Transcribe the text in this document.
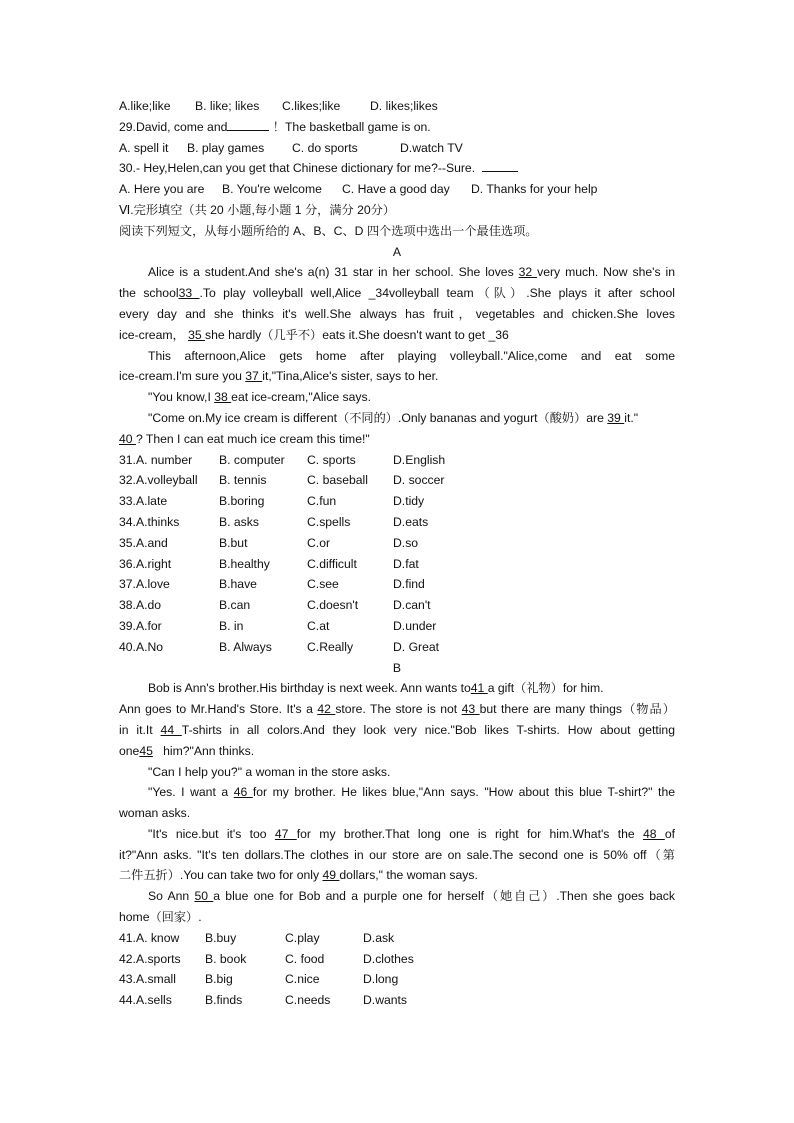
A.like;like	B. like; likes	C.likes;like	D. likes;likes
29.David, come and	！The basketball game is on.
A. spell it	B. play games	C. do sports	D.watch TV
30.- Hey,Helen,can you get that Chinese dictionary for me?--Sure.
A. Here you are	B. You're welcome	C. Have a good day	D. Thanks for your help
Ⅵ.完形填空（共 20 小题,每小题 1 分，满分 20分）
阅读下列短文，从每小题所给的 A、B、C、D 四个选项中选出一个最佳选项。
A
Alice is a student.And she's a(n) 31 star in her school. She loves 32 very much. Now she's in
the school33 .To play volleyball well,Alice _34volleyball team（队）.She plays it after school
every day and she thinks it's well.She always has fruit，vegetables and chicken.She loves
ice-cream， 35 she hardly（几乎不）eats it.She doesn't want to get _36
This afternoon,Alice gets home after playing volleyball."Alice,come and eat some
ice-cream.I'm sure you 37 it,"Tina,Alice's sister, says to her.
"You know,I 38 eat ice-cream,"Alice says.
"Come on.My ice cream is different（不同的）.Only bananas and yogurt（酸奶）are 39 it."
40 ? Then I can eat much ice cream this time!"
31.A. number	B. computer	C. sports	D.English
32.A.volleyball	B. tennis	C. baseball	D. soccer
33.A.late	B.boring	C.fun	D.tidy
34.A.thinks	B. asks	C.spells	D.eats
35.A.and	B.but	C.or	D.so
36.A.right	B.healthy	C.difficult	D.fat
37.A.love	B.have	C.see	D.find
38.A.do	B.can	C.doesn't	D.can't
39.A.for	B. in	C.at	D.under
40.A.No	B. Always	C.Really	D. Great
B
Bob is Ann's brother.His birthday is next week. Ann wants to41 a gift（礼物）for him.
Ann goes to Mr.Hand's Store. It's a 42 store. The store is not 43 but there are many things（物品）
in it.It 44 T-shirts in all colors.And they look very nice."Bob likes T-shirts. How about getting
one45 him?"Ann thinks.
"Can I help you?" a woman in the store asks.
"Yes. I want a 46 for my brother. He likes blue,"Ann says. "How about this blue T-shirt?" the
woman asks.
"It's nice.but it's too 47 for my brother.That long one is right for him.What's the 48 of
it?"Ann asks. "It's ten dollars.The clothes in our store are on sale.The second one is 50% off（第
二件五折）.You can take two for only 49 dollars," the woman says.
So Ann 50 a blue one for Bob and a purple one for herself（她自己）.Then she goes back
home（回家）.
41.A. know	B.buy	C.play	D.ask
42.A.sports	B. book	C. food	D.clothes
43.A.small	B.big	C.nice	D.long
44.A.sells	B.finds	C.needs	D.wants
